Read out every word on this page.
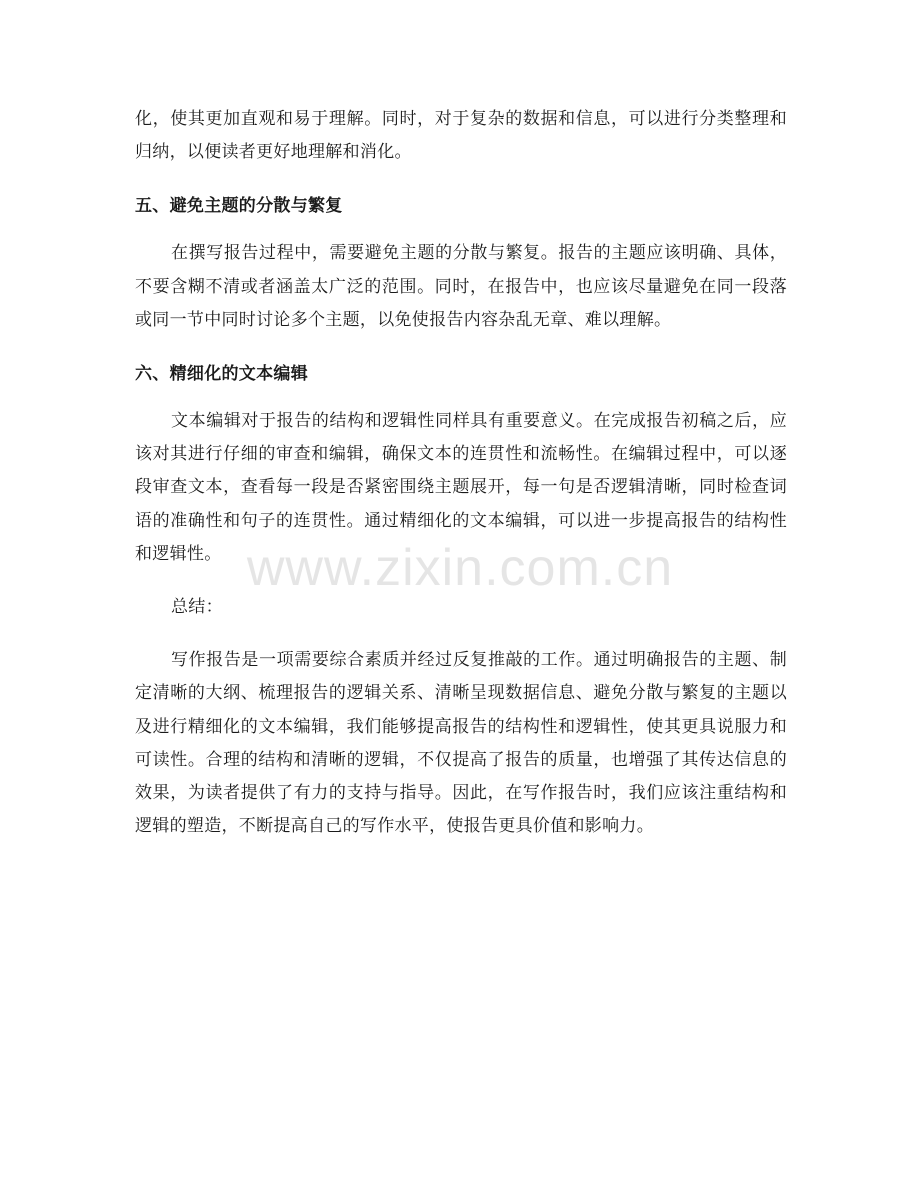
化，使其更加直观和易于理解。同时，对于复杂的数据和信息，可以进行分类整理和归纳，以便读者更好地理解和消化。

五、避免主题的分散与繁复

在撰写报告过程中，需要避免主题的分散与繁复。报告的主题应该明确、具体，不要含糊不清或者涵盖太广泛的范围。同时，在报告中，也应该尽量避免在同一段落或同一节中同时讨论多个主题，以免使报告内容杂乱无章、难以理解。

六、精细化的文本编辑

文本编辑对于报告的结构和逻辑性同样具有重要意义。在完成报告初稿之后，应该对其进行仔细的审查和编辑，确保文本的连贯性和流畅性。在编辑过程中，可以逐段审查文本，查看每一段是否紧密围绕主题展开，每一句是否逻辑清晰，同时检查词语的准确性和句子的连贯性。通过精细化的文本编辑，可以进一步提高报告的结构性和逻辑性。

总结：

写作报告是一项需要综合素质并经过反复推敲的工作。通过明确报告的主题、制定清晰的大纲、梳理报告的逻辑关系、清晰呈现数据信息、避免分散与繁复的主题以及进行精细化的文本编辑，我们能够提高报告的结构性和逻辑性，使其更具说服力和可读性。合理的结构和清晰的逻辑，不仅提高了报告的质量，也增强了其传达信息的效果，为读者提供了有力的支持与指导。因此，在写作报告时，我们应该注重结构和逻辑的塑造，不断提高自己的写作水平，使报告更具价值和影响力。

www.zixin.com.cn
